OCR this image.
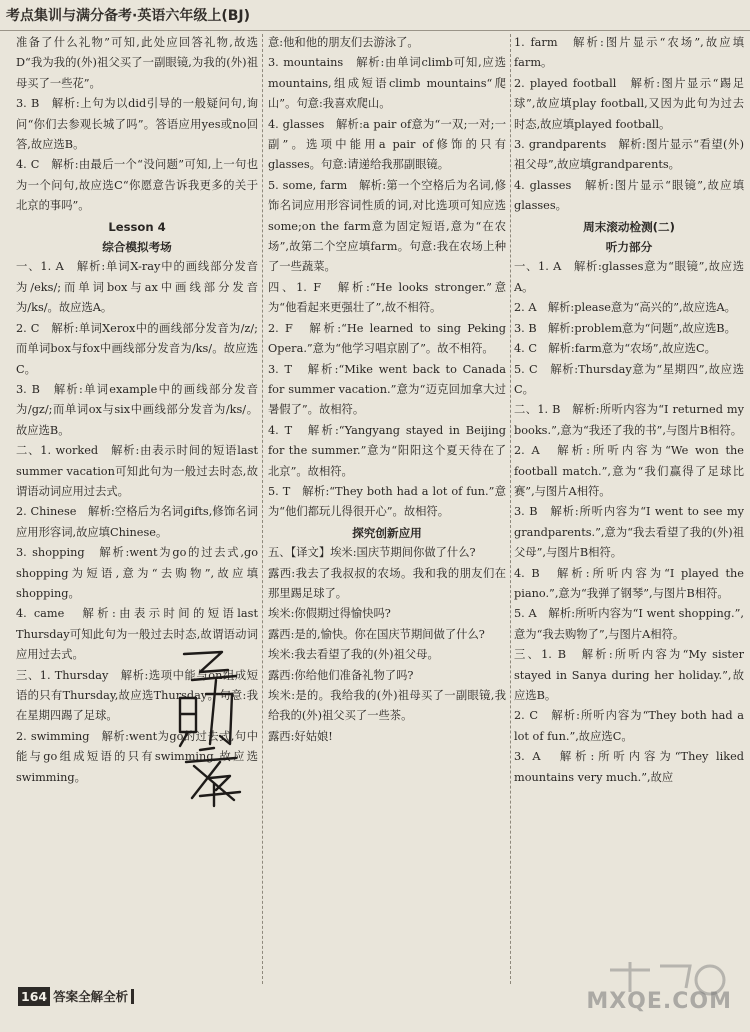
考点集训与满分备考·英语六年级上(BJ)

准备了什么礼物”可知,此处应回答礼物,故选D“我为我的(外)祖父买了一副眼镜,为我的(外)祖母买了一些花”。

3. B　解析:上句为以did引导的一般疑问句,询问“你们去参观长城了吗”。答语应用yes或no回答,故应选B。

4. C　解析:由最后一个“没问题”可知,上一句也为一个问句,故应选C“你愿意告诉我更多的关于北京的事吗”。

Lesson 4

综合模拟考场

一、1. A　解析:单词X-ray中的画线部分发音为/eks/;而单词box与ax中画线部分发音为/ks/。故应选A。

2. C　解析:单词Xerox中的画线部分发音为/z/;而单词box与fox中画线部分发音为/ks/。故应选C。

3. B　解析:单词example中的画线部分发音为/gz/;而单词ox与six中画线部分发音为/ks/。故应选B。

二、1. worked　解析:由表示时间的短语last summer vacation可知此句为一般过去时态,故谓语动词应用过去式。

2. Chinese　解析:空格后为名词gifts,修饰名词应用形容词,故应填Chinese。

3. shopping　解析:went为go的过去式,go shopping为短语,意为“去购物”,故应填shopping。

4. came　解析:由表示时间的短语last Thursday可知此句为一般过去时态,故谓语动词应用过去式。

三、1. Thursday　解析:选项中能与on组成短语的只有Thursday,故应选Thursday。句意:我在星期四踢了足球。

2. swimming　解析:went为go的过去式,句中能与go组成短语的只有swimming,故应选swimming。

意:他和他的朋友们去游泳了。

3. mountains　解析:由单词climb可知,应选mountains,组成短语climb mountains“爬山”。句意:我喜欢爬山。

4. glasses　解析:a pair of意为“一双;一对;一副”。选项中能用a pair of修饰的只有glasses。句意:请递给我那副眼镜。

5. some, farm　解析:第一个空格后为名词,修饰名词应用形容词性质的词,对比选项可知应选some;on the farm意为固定短语,意为“在农场”,故第二个空应填farm。句意:我在农场上种了一些蔬菜。

四、1. F　解析:“He looks stronger.”意为“他看起来更强壮了”,故不相符。

2. F　解析:“He learned to sing Peking Opera.”意为“他学习唱京剧了”。故不相符。

3. T　解析:“Mike went back to Canada for summer vacation.”意为“迈克回加拿大过暑假了”。故相符。

4. T　解析:“Yangyang stayed in Beijing for the summer.”意为“阳阳这个夏天待在了北京”。故相符。

5. T　解析:“They both had a lot of fun.”意为“他们都玩儿得很开心”。故相符。

探究创新应用

五、【译文】埃米:国庆节期间你做了什么?

露西:我去了我叔叔的农场。我和我的朋友们在那里踢足球了。

埃米:你假期过得愉快吗?

露西:是的,愉快。你在国庆节期间做了什么?

埃米:我去看望了我的(外)祖父母。

露西:你给他们准备礼物了吗?

埃米:是的。我给我的(外)祖母买了一副眼镜,我给我的(外)祖父买了一些茶。

露西:好姑娘!

1. farm　解析:图片显示“农场”,故应填farm。

2. played football　解析:图片显示“踢足球”,故应填play football,又因为此句为过去时态,故应填played football。

3. grandparents　解析:图片显示“看望(外)祖父母”,故应填grandparents。

4. glasses　解析:图片显示“眼镜”,故应填glasses。

周末滚动检测(二)

听力部分

一、1. A　解析:glasses意为“眼镜”,故应选A。

2. A　解析:please意为“高兴的”,故应选A。

3. B　解析:problem意为“问题”,故应选B。

4. C　解析:farm意为“农场”,故应选C。

5. C　解析:Thursday意为“星期四”,故应选C。

二、1. B　解析:所听内容为“I returned my books.”,意为“我还了我的书”,与图片B相符。

2. A　解析:所听内容为“We won the football match.”,意为“我们赢得了足球比赛”,与图片A相符。

3. B　解析:所听内容为“I went to see my grandparents.”,意为“我去看望了我的(外)祖父母”,与图片B相符。

4. B　解析:所听内容为“I played the piano.”,意为“我弹了钢琴”,与图片B相符。

5. A　解析:所听内容为“I went shopping.”,意为“我去购物了”,与图片A相符。

三、1. B　解析:所听内容为“My sister stayed in Sanya during her holiday.”,故应选B。

2. C　解析:所听内容为“They both had a lot of fun.”,故应选C。

3. A　解析:所听内容为“They liked mountains very much.”,故应

164 答案全解全析	MXQE.COM
